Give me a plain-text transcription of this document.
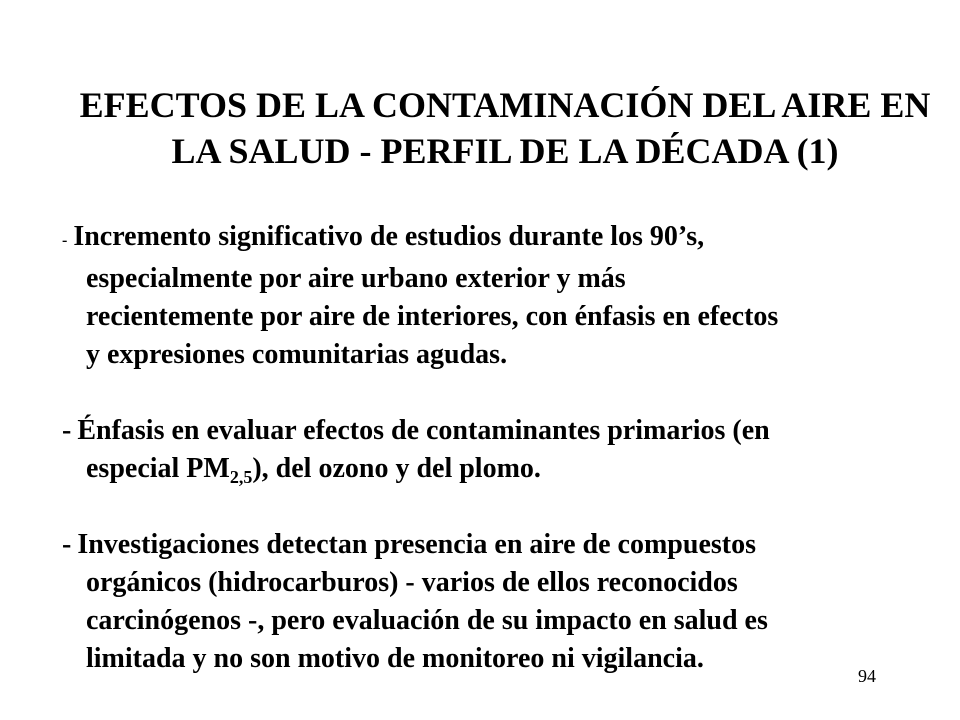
EFECTOS DE LA CONTAMINACIÓN DEL AIRE EN
LA SALUD - PERFIL DE LA DÉCADA (1)
- Incremento significativo de estudios durante los 90’s,
especialmente por aire urbano exterior y más
recientemente por aire de interiores, con énfasis en efectos
y expresiones comunitarias agudas.
- Énfasis en evaluar efectos de contaminantes primarios (en
especial $PM_{2,5}$), del ozono y del plomo.
- Investigaciones detectan presencia en aire de compuestos
orgánicos (hidrocarburos) - varios de ellos reconocidos
carcinógenos -, pero evaluación de su impacto en salud es
limitada y no son motivo de monitoreo ni vigilancia.
94
